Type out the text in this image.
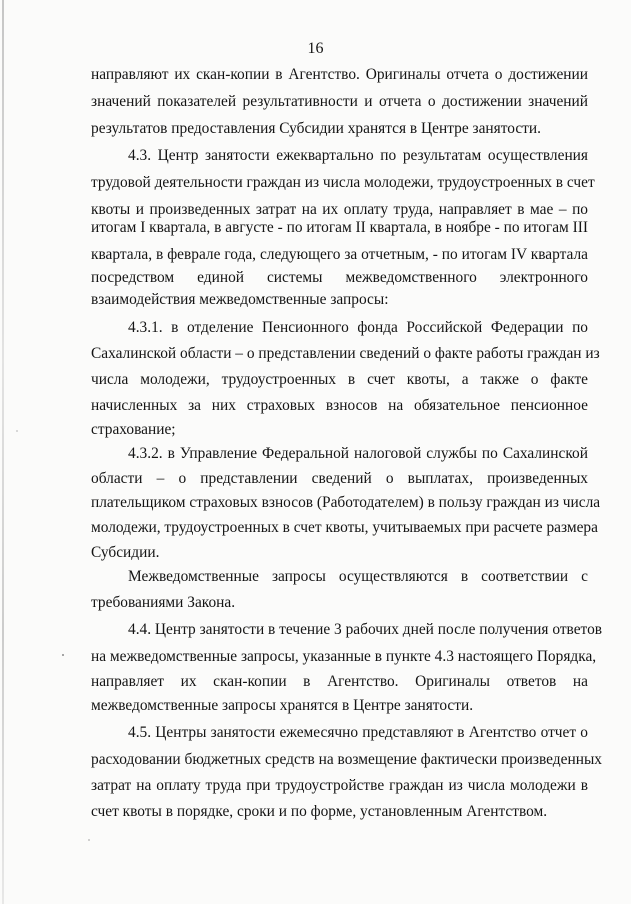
16
направляют их скан-копии в Агентство. Оригиналы отчета о достижении
значений показателей результативности и отчета о достижении значений
результатов предоставления Субсидии хранятся в Центре занятости.
4.3. Центр занятости ежеквартально по результатам осуществления
трудовой деятельности граждан из числа молодежи, трудоустроенных в счет
квоты и произведенных затрат на их оплату труда, направляет в мае – по
итогам I квартала, в августе - по итогам II квартала, в ноябре - по итогам III
квартала, в феврале года, следующего за отчетным, - по итогам IV квартала
посредством единой системы межведомственного электронного
взаимодействия межведомственные запросы:
4.3.1. в отделение Пенсионного фонда Российской Федерации по
Сахалинской области – о представлении сведений о факте работы граждан из
числа молодежи, трудоустроенных в счет квоты, а также о факте
начисленных за них страховых взносов на обязательное пенсионное
страхование;
4.3.2. в Управление Федеральной налоговой службы по Сахалинской
области – о представлении сведений о выплатах, произведенных
плательщиком страховых взносов (Работодателем) в пользу граждан из числа
молодежи, трудоустроенных в счет квоты, учитываемых при расчете размера
Субсидии.
Межведомственные запросы осуществляются в соответствии с
требованиями Закона.
4.4. Центр занятости в течение 3 рабочих дней после получения ответов
на межведомственные запросы, указанные в пункте 4.3 настоящего Порядка,
направляет их скан-копии в Агентство. Оригиналы ответов на
межведомственные запросы хранятся в Центре занятости.
4.5. Центры занятости ежемесячно представляют в Агентство отчет о
расходовании бюджетных средств на возмещение фактически произведенных
затрат на оплату труда при трудоустройстве граждан из числа молодежи в
счет квоты в порядке, сроки и по форме, установленным Агентством.
